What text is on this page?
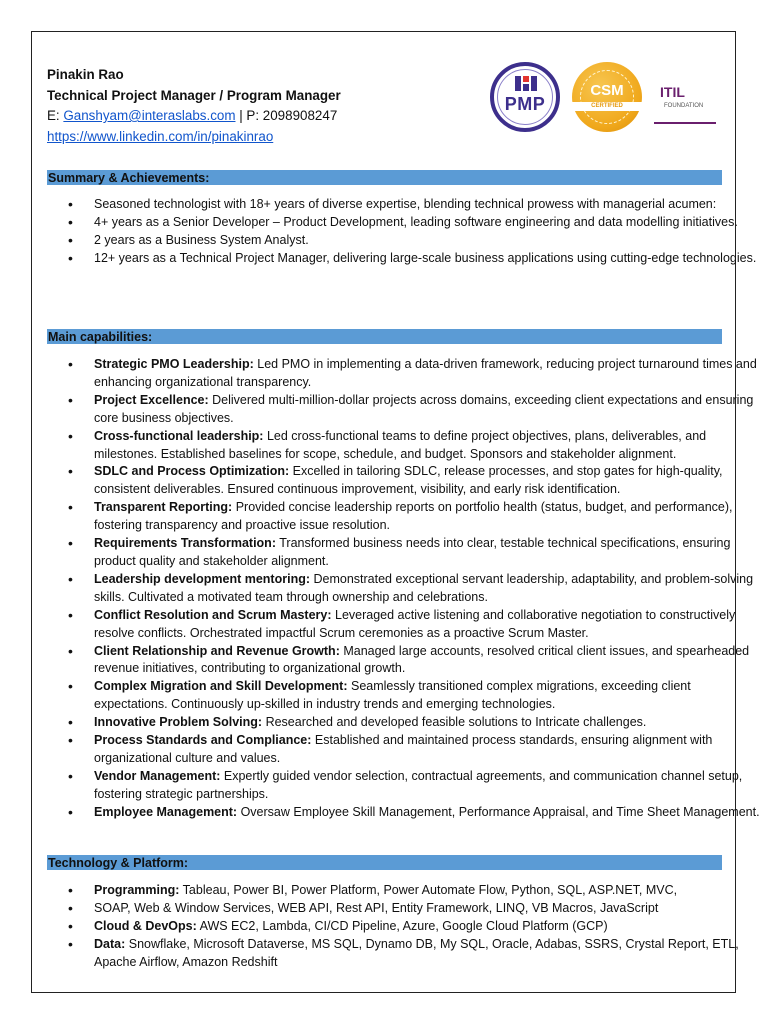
Pinakin Rao
Technical Project Manager / Program Manager
E: Ganshyam@interaslabs.com | P: 2098908247
https://www.linkedin.com/in/pinakinrao
PMP
CSM
CERTIFIED
ITIL
FOUNDATION
Summary & Achievements:
• Seasoned technologist with 18+ years of diverse expertise, blending technical prowess with managerial acumen:
• 4+ years as a Senior Developer – Product Development, leading software engineering and data modelling initiatives.
• 2 years as a Business System Analyst.
• 12+ years as a Technical Project Manager, delivering large-scale business applications using cutting-edge technologies.
Main capabilities:
• Strategic PMO Leadership: Led PMO in implementing a data-driven framework, reducing project turnaround times and enhancing organizational transparency.
• Project Excellence: Delivered multi-million-dollar projects across domains, exceeding client expectations and ensuring core business objectives.
• Cross-functional leadership: Led cross-functional teams to define project objectives, plans, deliverables, and milestones. Established baselines for scope, schedule, and budget. Sponsors and stakeholder alignment.
• SDLC and Process Optimization: Excelled in tailoring SDLC, release processes, and stop gates for high-quality, consistent deliverables. Ensured continuous improvement, visibility, and early risk identification.
• Transparent Reporting: Provided concise leadership reports on portfolio health (status, budget, and performance), fostering transparency and proactive issue resolution.
• Requirements Transformation: Transformed business needs into clear, testable technical specifications, ensuring product quality and stakeholder alignment.
• Leadership development mentoring: Demonstrated exceptional servant leadership, adaptability, and problem-solving skills. Cultivated a motivated team through ownership and celebrations.
• Conflict Resolution and Scrum Mastery: Leveraged active listening and collaborative negotiation to constructively resolve conflicts. Orchestrated impactful Scrum ceremonies as a proactive Scrum Master.
• Client Relationship and Revenue Growth: Managed large accounts, resolved critical client issues, and spearheaded revenue initiatives, contributing to organizational growth.
• Complex Migration and Skill Development: Seamlessly transitioned complex migrations, exceeding client expectations. Continuously up-skilled in industry trends and emerging technologies.
• Innovative Problem Solving: Researched and developed feasible solutions to Intricate challenges.
• Process Standards and Compliance: Established and maintained process standards, ensuring alignment with organizational culture and values.
• Vendor Management: Expertly guided vendor selection, contractual agreements, and communication channel setup, fostering strategic partnerships.
• Employee Management: Oversaw Employee Skill Management, Performance Appraisal, and Time Sheet Management.
Technology & Platform:
• Programming: Tableau, Power BI, Power Platform, Power Automate Flow, Python, SQL, ASP.NET, MVC,
• SOAP, Web & Window Services, WEB API, Rest API, Entity Framework, LINQ, VB Macros, JavaScript
• Cloud & DevOps: AWS EC2, Lambda, CI/CD Pipeline, Azure, Google Cloud Platform (GCP)
• Data: Snowflake, Microsoft Dataverse, MS SQL, Dynamo DB, My SQL, Oracle, Adabas, SSRS, Crystal Report, ETL, Apache Airflow, Amazon Redshift
